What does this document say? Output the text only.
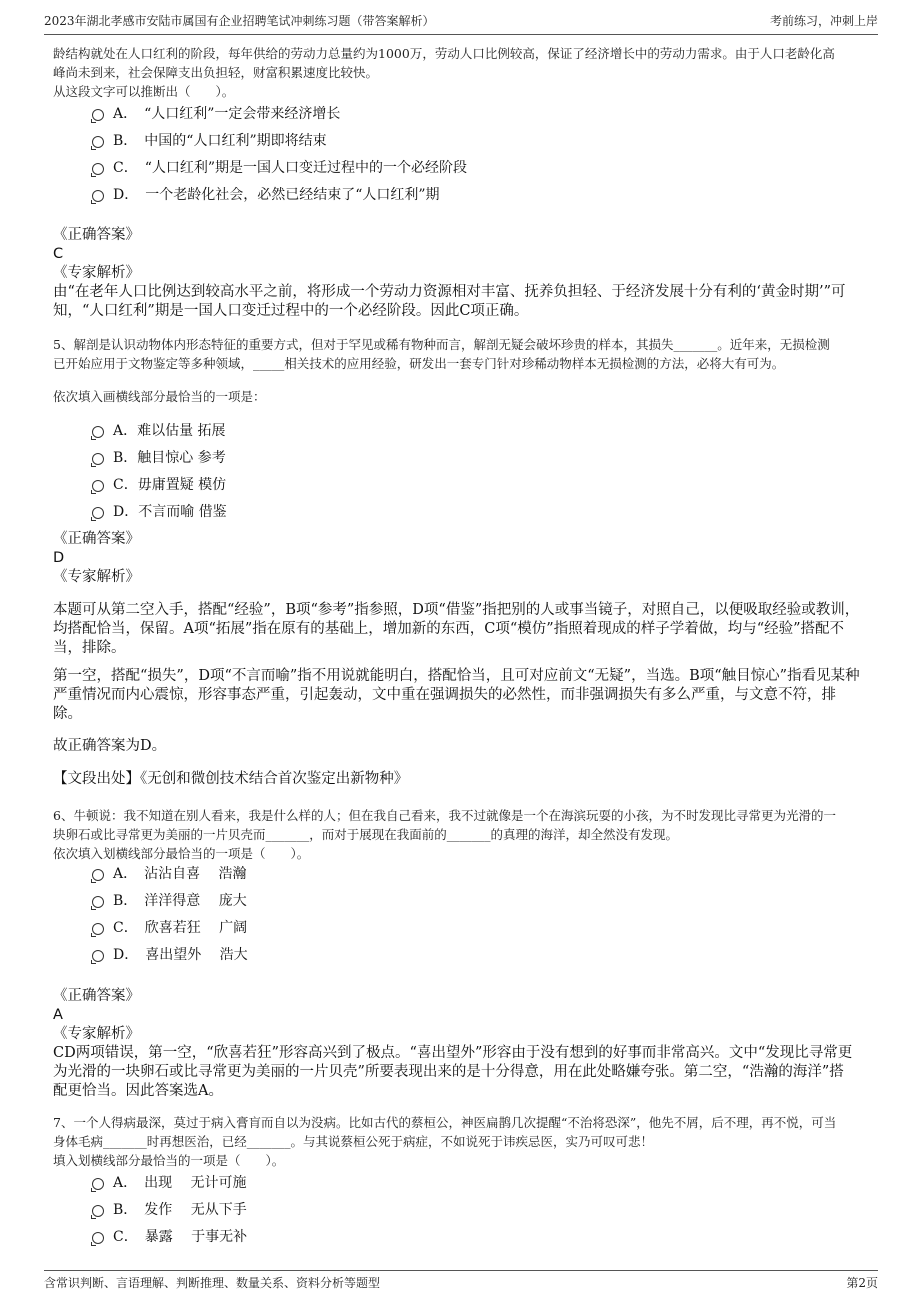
2023年湖北孝感市安陆市属国有企业招聘笔试冲刺练习题（带答案解析）	考前练习，冲刺上岸

龄结构就处在人口红利的阶段，每年供给的劳动力总量约为1000万，劳动人口比例较高，保证了经济增长中的劳动力需求。由于人口老龄化高

峰尚未到来，社会保障支出负担轻，财富积累速度比较快。

从这段文字可以推断出（　　）。

A．　“人口红利”一定会带来经济增长
B．　中国的“人口红利”期即将结束
C．　“人口红利”期是一国人口变迁过程中的一个必经阶段
D．　一个老龄化社会，必然已经结束了“人口红利”期

《正确答案》

C

《专家解析》

由“在老年人口比例达到较高水平之前，将形成一个劳动力资源相对丰富、抚养负担轻、于经济发展十分有利的‘黄金时期’”可

知，“人口红利”期是一国人口变迁过程中的一个必经阶段。因此C项正确。

5、解剖是认识动物体内形态特征的重要方式，但对于罕见或稀有物种而言，解剖无疑会破坏珍贵的样本，其损失_______。近年来，无损检测

已开始应用于文物鉴定等多种领域，_____相关技术的应用经验，研发出一套专门针对珍稀动物样本无损检测的方法，必将大有可为。

依次填入画横线部分最恰当的一项是：
A．难以估量 拓展
B．触目惊心 参考
C．毋庸置疑 模仿
D．不言而喻 借鉴

《正确答案》

D

《专家解析》

本题可从第二空入手，搭配“经验”，B项“参考”指参照，D项“借鉴”指把别的人或事当镜子，对照自己，以便吸取经验或教训，

均搭配恰当，保留。A项“拓展”指在原有的基础上，增加新的东西，C项“模仿”指照着现成的样子学着做，均与“经验”搭配不

当，排除。

第一空，搭配“损失”，D项“不言而喻”指不用说就能明白，搭配恰当，且可对应前文“无疑”，当选。B项“触目惊心”指看见某种

严重情况而内心震惊，形容事态严重，引起轰动，文中重在强调损失的必然性，而非强调损失有多么严重，与文意不符，排

除。

故正确答案为D。
【文段出处】《无创和微创技术结合首次鉴定出新物种》

6、牛顿说：我不知道在别人看来，我是什么样的人；但在我自己看来，我不过就像是一个在海滨玩耍的小孩，为不时发现比寻常更为光滑的一

块卵石或比寻常更为美丽的一片贝壳而_______，而对于展现在我面前的_______的真理的海洋，却全然没有发现。

依次填入划横线部分最恰当的一项是（　　）。

A．　沾沾自喜　 浩瀚
B．　洋洋得意　 庞大
C．　欣喜若狂　 广阔
D．　喜出望外　 浩大

《正确答案》

A

《专家解析》

CD两项错误，第一空，“欣喜若狂”形容高兴到了极点。“喜出望外”形容由于没有想到的好事而非常高兴。文中“发现比寻常更

为光滑的一块卵石或比寻常更为美丽的一片贝壳”所要表现出来的是十分得意，用在此处略嫌夸张。第二空，“浩瀚的海洋”搭

配更恰当。因此答案选A。

7、一个人得病最深，莫过于病入膏肓而自以为没病。比如古代的蔡桓公，神医扁鹊几次提醒“不治将恐深”，他先不屑，后不理，再不悦，可当

身体毛病_______时再想医治，已经_______。与其说蔡桓公死于病症，不如说死于讳疾忌医，实乃可叹可悲！

填入划横线部分最恰当的一项是（　　）。

A．　出现　 无计可施
B．　发作　 无从下手
C．　暴露　 于事无补
含常识判断、言语理解、判断推理、数量关系、资料分析等题型	第2页
